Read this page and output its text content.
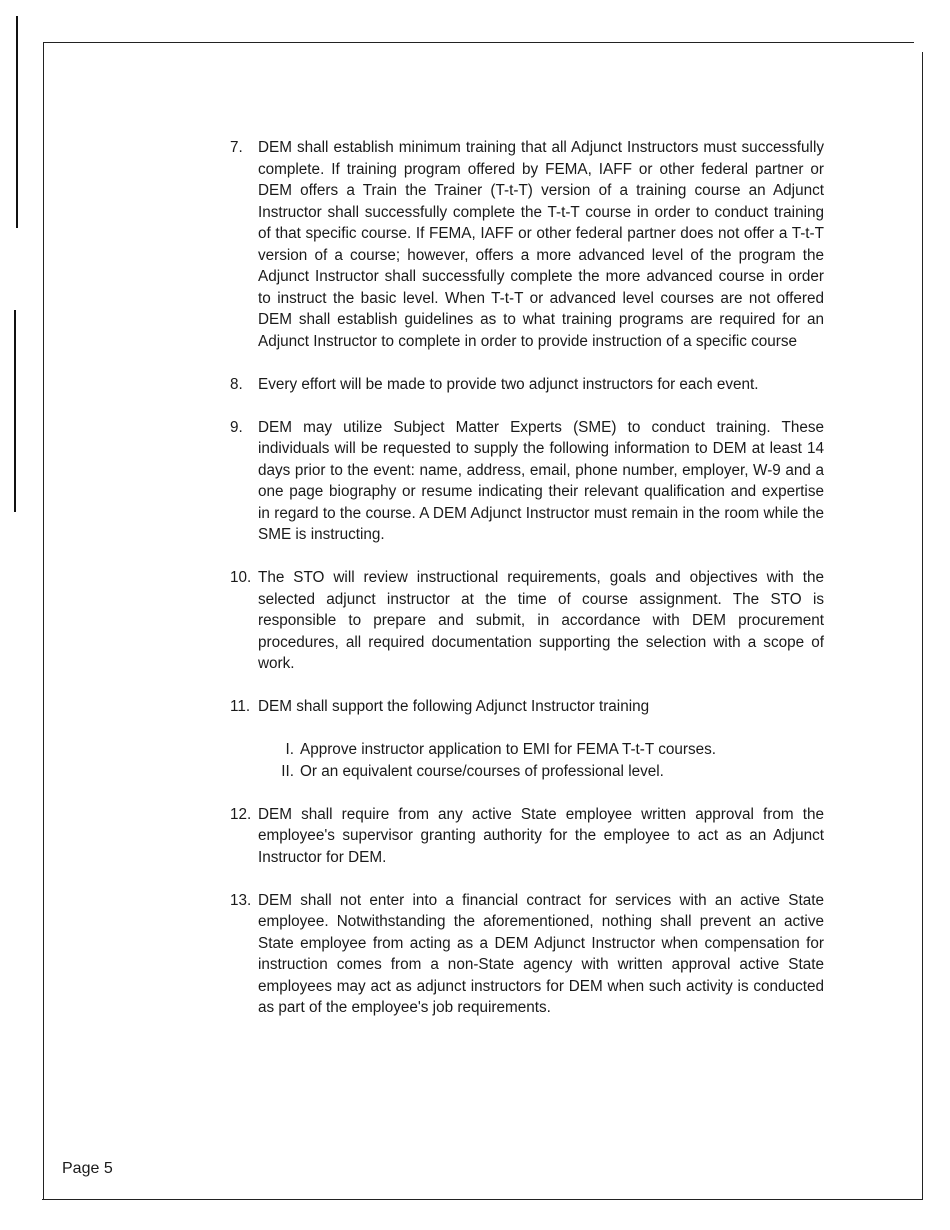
7. DEM shall establish minimum training that all Adjunct Instructors must successfully complete. If training program offered by FEMA, IAFF or other federal partner or DEM offers a Train the Trainer (T-t-T) version of a training course an Adjunct Instructor shall successfully complete the T-t-T course in order to conduct training of that specific course. If FEMA, IAFF or other federal partner does not offer a T-t-T version of a course; however, offers a more advanced level of the program the Adjunct Instructor shall successfully complete the more advanced course in order to instruct the basic level. When T-t-T or advanced level courses are not offered DEM shall establish guidelines as to what training programs are required for an Adjunct Instructor to complete in order to provide instruction of a specific course
8. Every effort will be made to provide two adjunct instructors for each event.
9. DEM may utilize Subject Matter Experts (SME) to conduct training. These individuals will be requested to supply the following information to DEM at least 14 days prior to the event: name, address, email, phone number, employer, W-9 and a one page biography or resume indicating their relevant qualification and expertise in regard to the course. A DEM Adjunct Instructor must remain in the room while the SME is instructing.
10. The STO will review instructional requirements, goals and objectives with the selected adjunct instructor at the time of course assignment. The STO is responsible to prepare and submit, in accordance with DEM procurement procedures, all required documentation supporting the selection with a scope of work.
11. DEM shall support the following Adjunct Instructor training
I. Approve instructor application to EMI for FEMA T-t-T courses.
II. Or an equivalent course/courses of professional level.
12. DEM shall require from any active State employee written approval from the employee's supervisor granting authority for the employee to act as an Adjunct Instructor for DEM.
13. DEM shall not enter into a financial contract for services with an active State employee. Notwithstanding the aforementioned, nothing shall prevent an active State employee from acting as a DEM Adjunct Instructor when compensation for instruction comes from a non-State agency with written approval active State employees may act as adjunct instructors for DEM when such activity is conducted as part of the employee's job requirements.
Page 5
